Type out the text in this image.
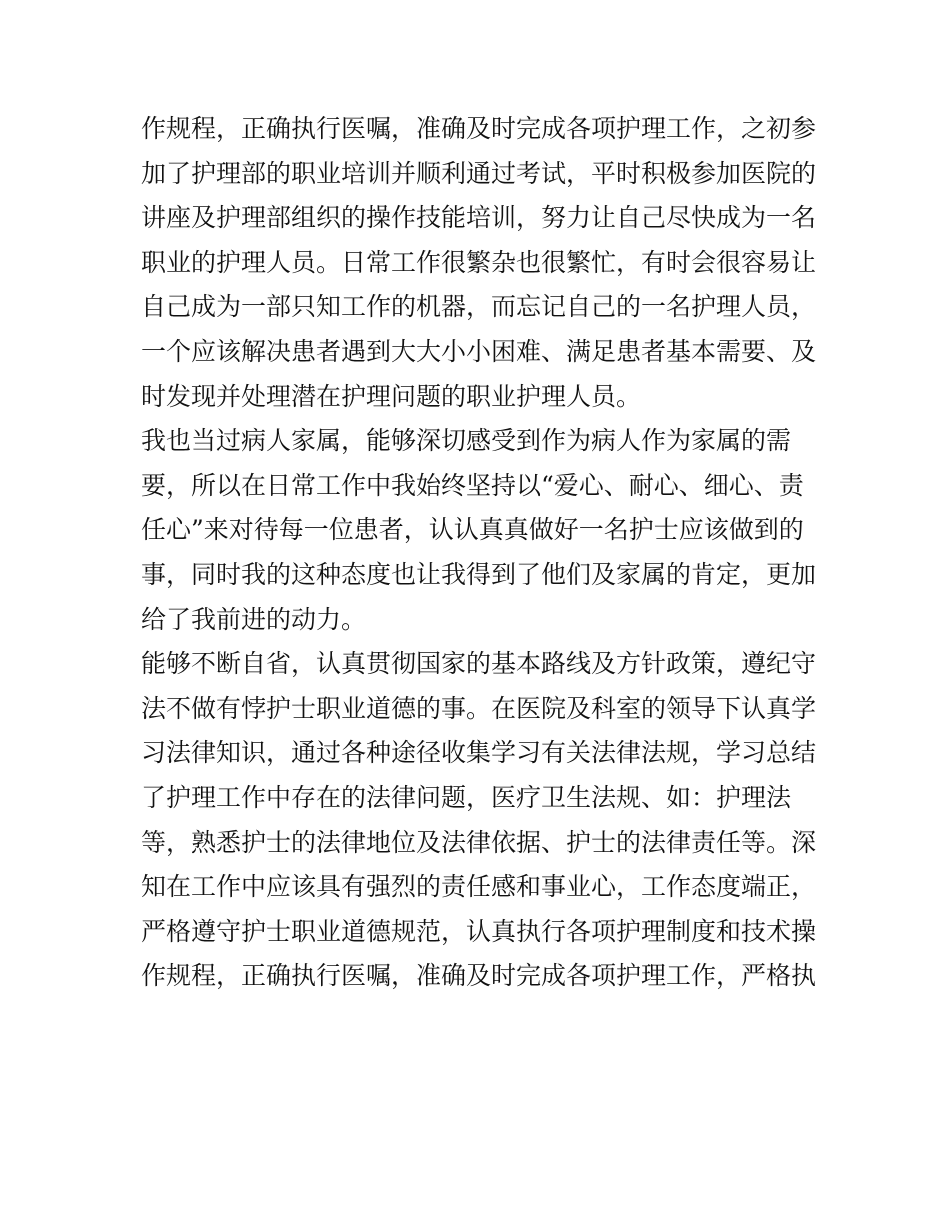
作规程，正确执行医嘱，准确及时完成各项护理工作，之初参
加了护理部的职业培训并顺利通过考试，平时积极参加医院的
讲座及护理部组织的操作技能培训，努力让自己尽快成为一名
职业的护理人员。日常工作很繁杂也很繁忙，有时会很容易让
自己成为一部只知工作的机器，而忘记自己的一名护理人员，
一个应该解决患者遇到大大小小困难、满足患者基本需要、及
时发现并处理潜在护理问题的职业护理人员。
我也当过病人家属，能够深切感受到作为病人作为家属的需
要，所以在日常工作中我始终坚持以“爱心、耐心、细心、责
任心”来对待每一位患者，认认真真做好一名护士应该做到的
事，同时我的这种态度也让我得到了他们及家属的肯定，更加
给了我前进的动力。
能够不断自省，认真贯彻国家的基本路线及方针政策，遵纪守
法不做有悖护士职业道德的事。在医院及科室的领导下认真学
习法律知识，通过各种途径收集学习有关法律法规，学习总结
了护理工作中存在的法律问题，医疗卫生法规、如：护理法
等，熟悉护士的法律地位及法律依据、护士的法律责任等。深
知在工作中应该具有强烈的责任感和事业心，工作态度端正，
严格遵守护士职业道德规范，认真执行各项护理制度和技术操
作规程，正确执行医嘱，准确及时完成各项护理工作，严格执
